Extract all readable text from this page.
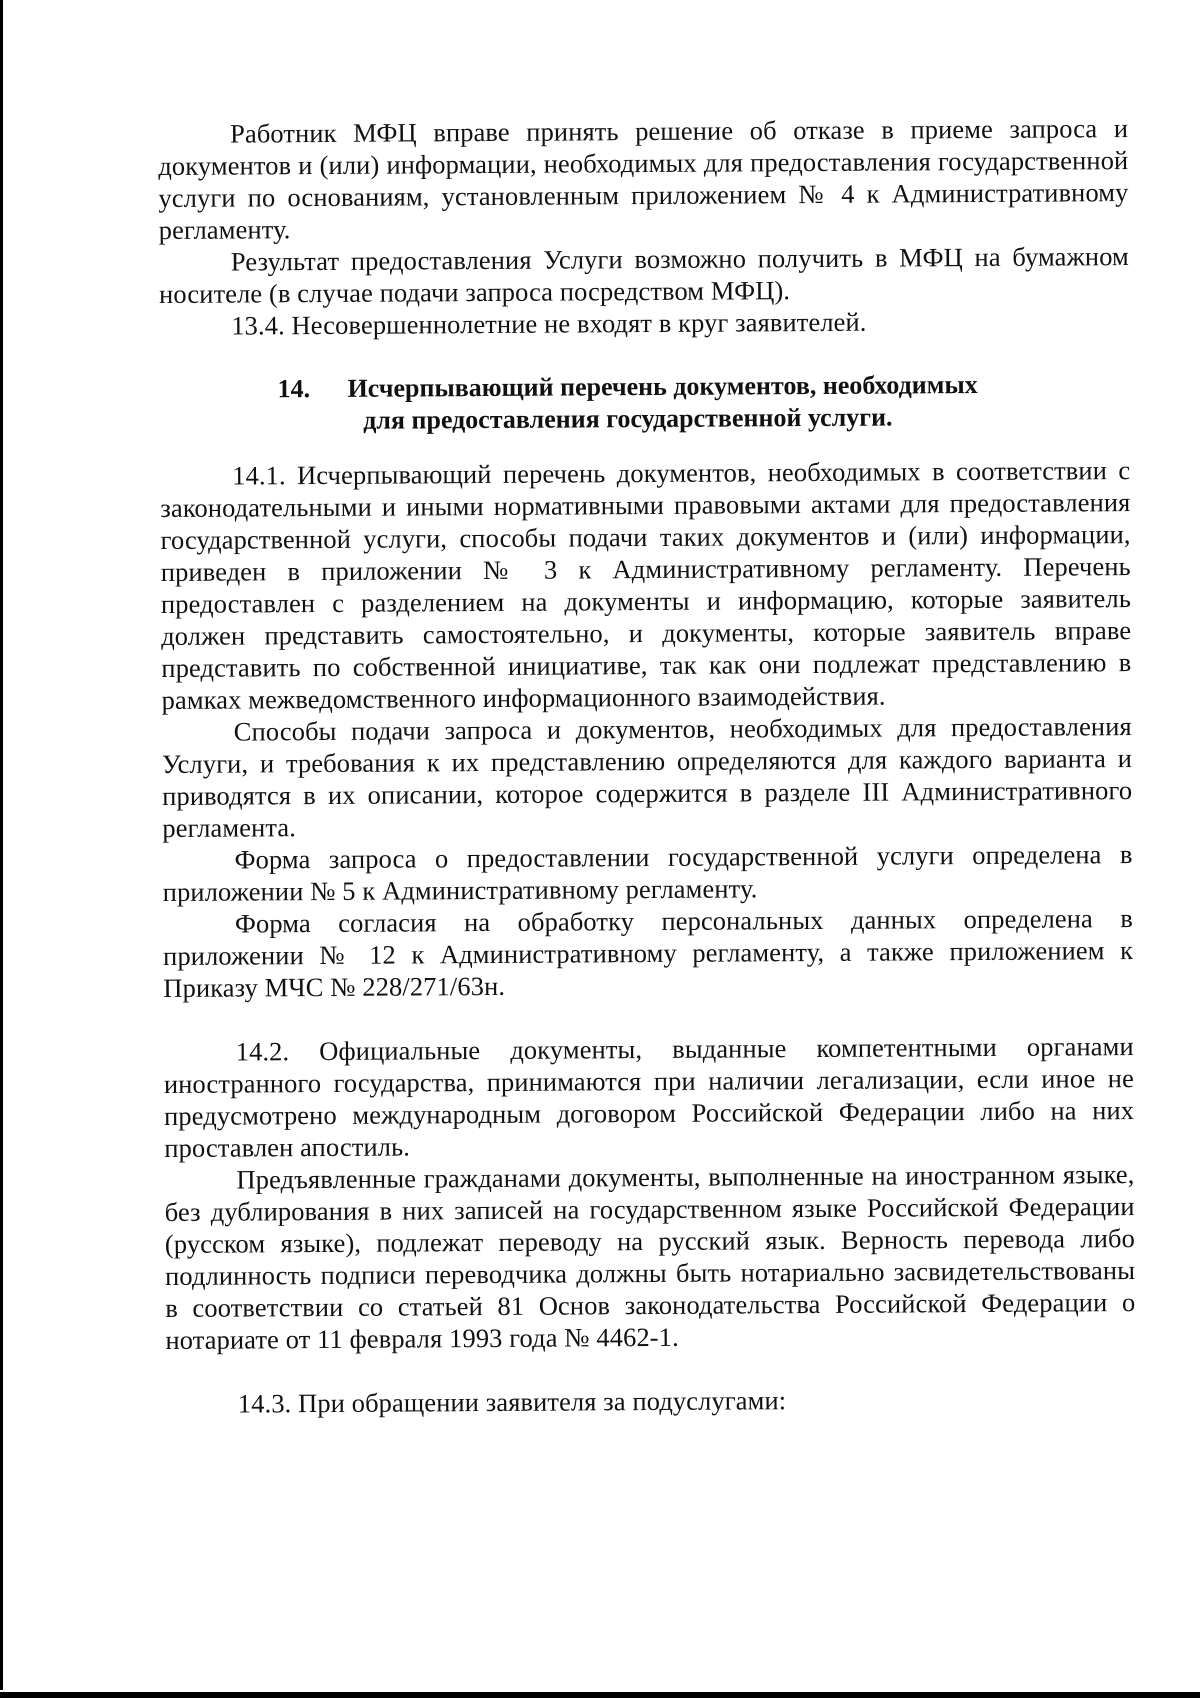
Работник МФЦ вправе принять решение об отказе в приеме запроса и документов и (или) информации, необходимых для предоставления государственной услуги по основаниям, установленным приложением № 4 к Административному регламенту.

Результат предоставления Услуги возможно получить в МФЦ на бумажном носителе (в случае подачи запроса посредством МФЦ).

13.4. Несовершеннолетние не входят в круг заявителей.

14. Исчерпывающий перечень документов, необходимых
для предоставления государственной услуги.

14.1. Исчерпывающий перечень документов, необходимых в соответствии с законодательными и иными нормативными правовыми актами для предоставления государственной услуги, способы подачи таких документов и (или) информации, приведен в приложении № 3 к Административному регламенту. Перечень предоставлен с разделением на документы и информацию, которые заявитель должен представить самостоятельно, и документы, которые заявитель вправе представить по собственной инициативе, так как они подлежат представлению в рамках межведомственного информационного взаимодействия.

Способы подачи запроса и документов, необходимых для предоставления Услуги, и требования к их представлению определяются для каждого варианта и приводятся в их описании, которое содержится в разделе III Административного регламента.

Форма запроса о предоставлении государственной услуги определена в приложении № 5 к Административному регламенту.

Форма согласия на обработку персональных данных определена в приложении № 12 к Административному регламенту, а также приложением к Приказу МЧС № 228/271/63н.

14.2. Официальные документы, выданные компетентными органами иностранного государства, принимаются при наличии легализации, если иное не предусмотрено международным договором Российской Федерации либо на них проставлен апостиль.

Предъявленные гражданами документы, выполненные на иностранном языке, без дублирования в них записей на государственном языке Российской Федерации (русском языке), подлежат переводу на русский язык. Верность перевода либо подлинность подписи переводчика должны быть нотариально засвидетельствованы в соответствии со статьей 81 Основ законодательства Российской Федерации о нотариате от 11 февраля 1993 года № 4462-1.

14.3. При обращении заявителя за подуслугами:
